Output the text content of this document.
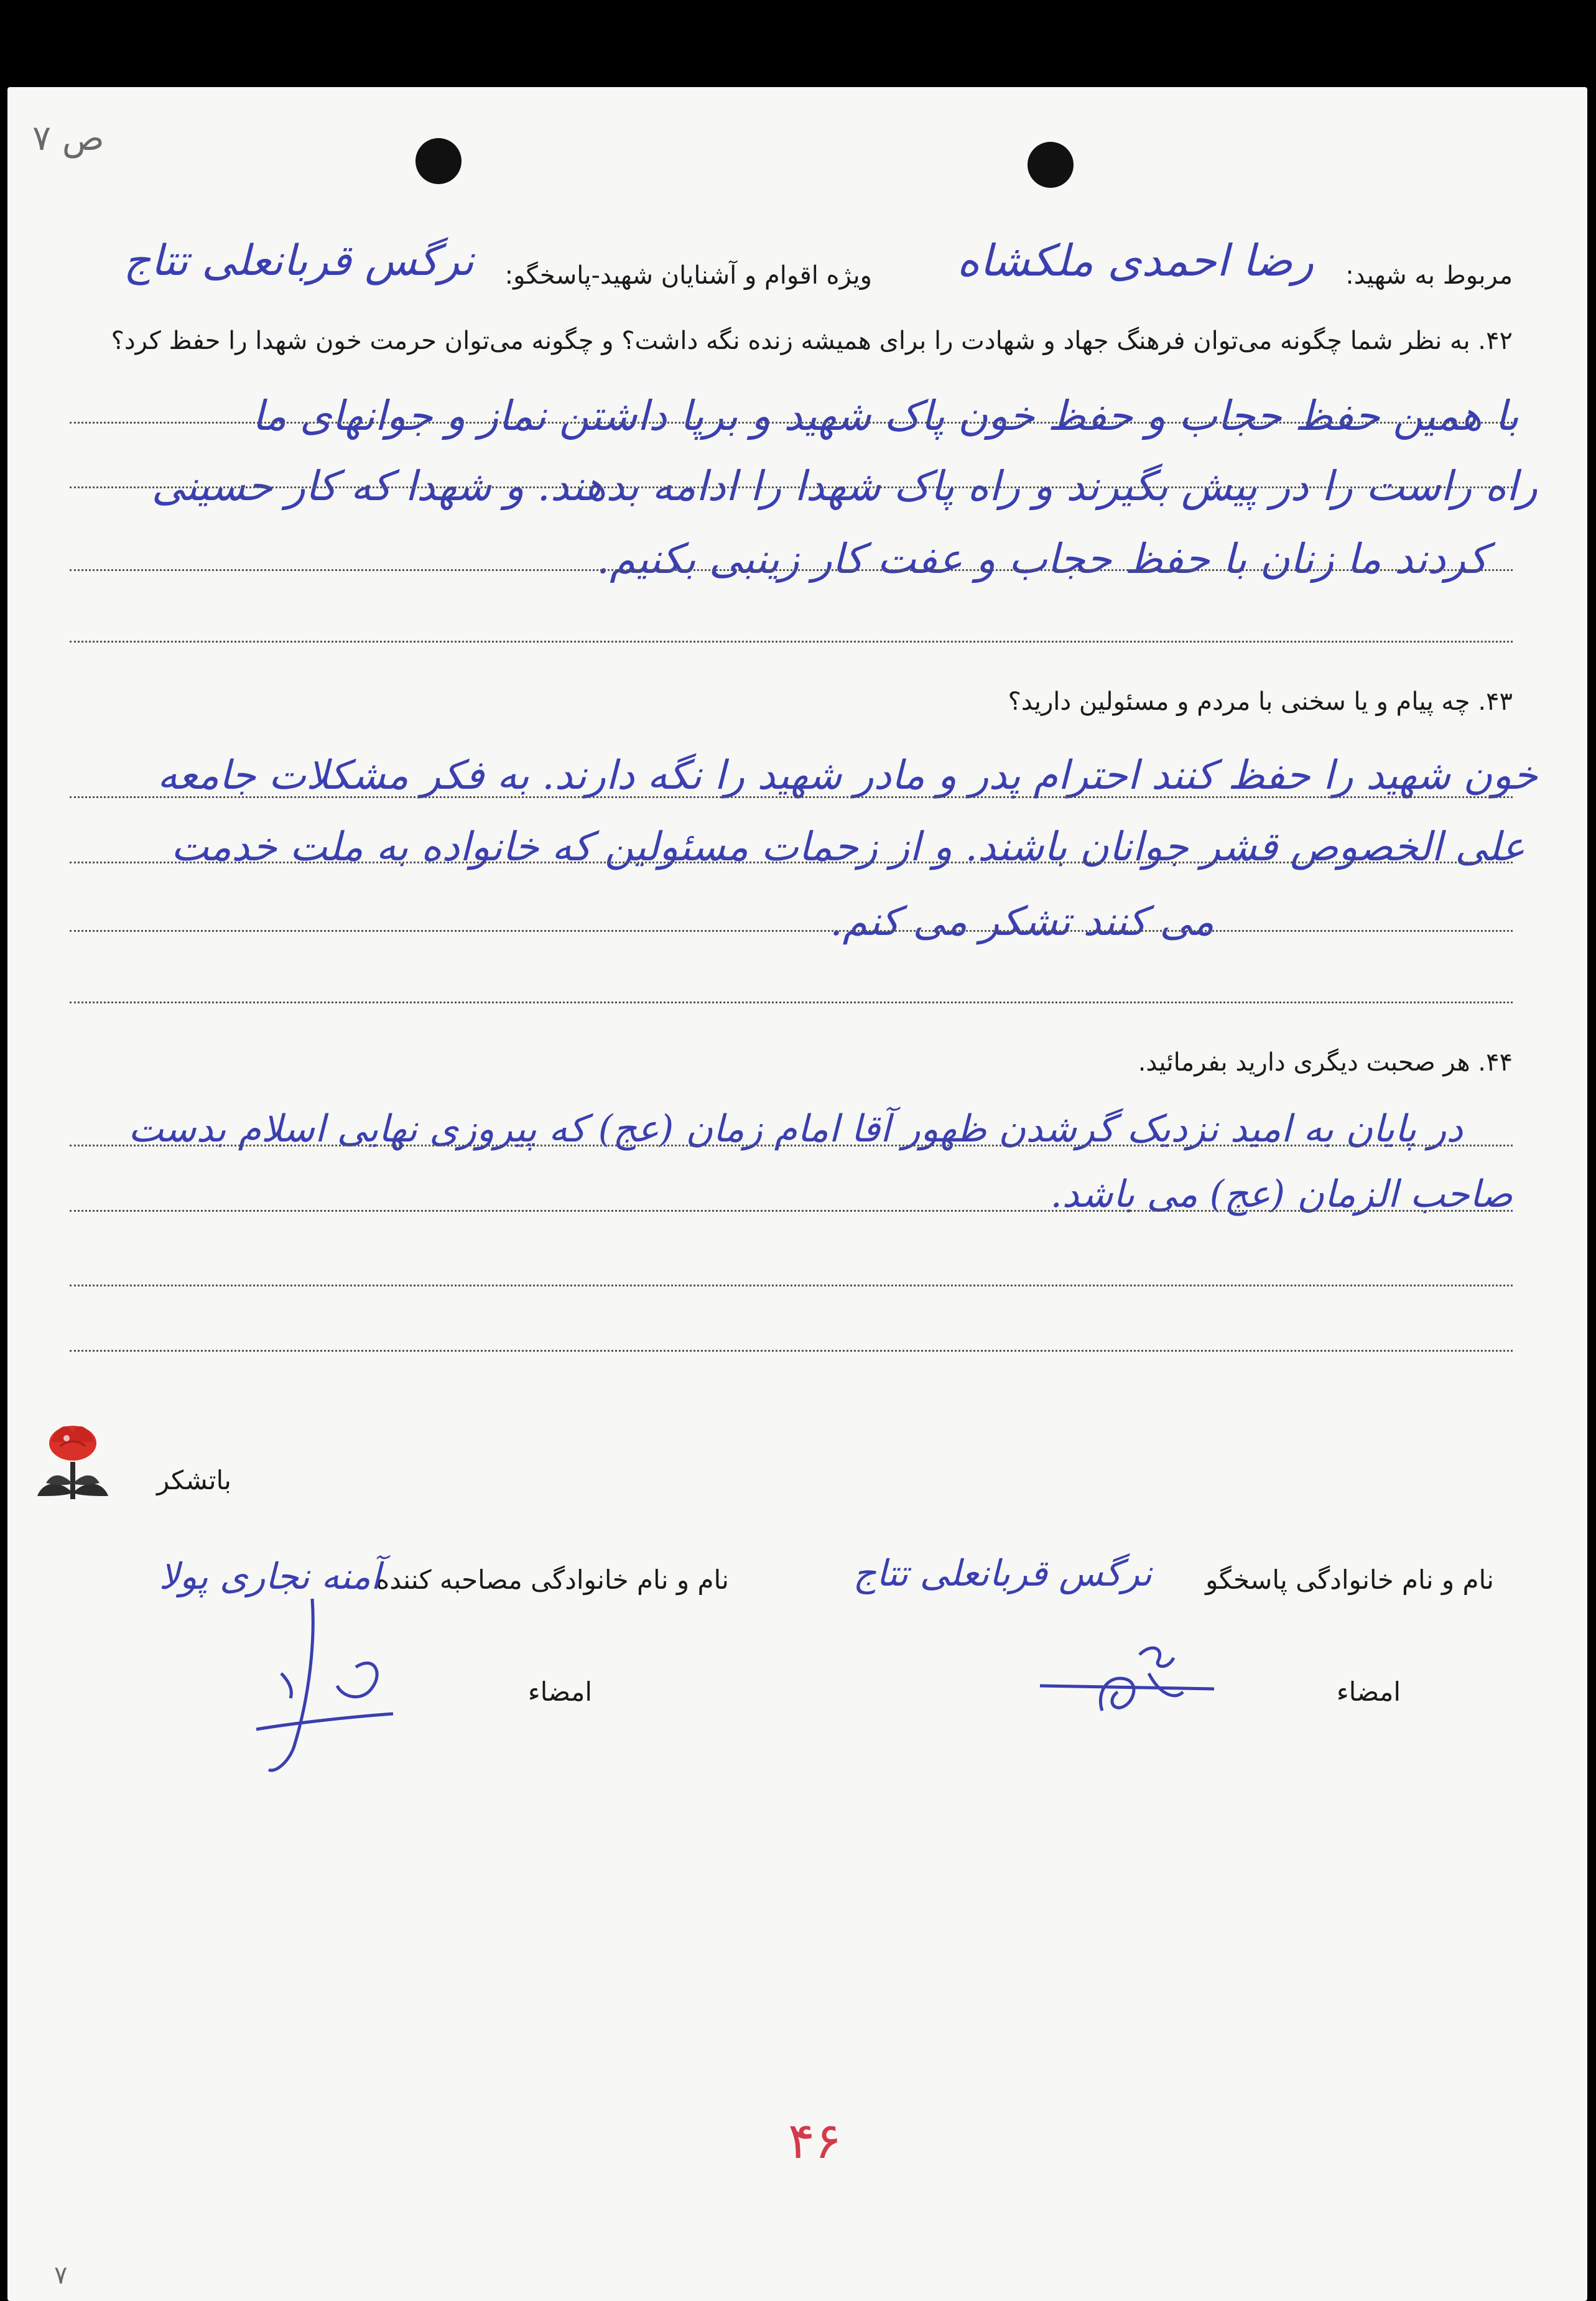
ص ۷
مربوط به شهید:
رضا احمدی ملکشاه
ویژه اقوام و آشنایان شهید-پاسخگو:
نرگس قربانعلی تتاج
۴۲. به نظر شما چگونه می‌توان فرهنگ جهاد و شهادت را برای همیشه زنده نگه داشت؟ و چگونه می‌توان حرمت خون شهدا را حفظ کرد؟
با همین حفظ حجاب و حفظ خون پاک شهید و برپا داشتن نماز و جوانهای ما
راه راست را در پیش بگیرند و راه پاک شهدا را ادامه بدهند. و شهدا که کار حسینی
کردند ما زنان با حفظ حجاب و عفت کار زینبی بکنیم.
۴۳. چه پیام و یا سخنی با مردم و مسئولین دارید؟
خون شهید را حفظ کنند احترام پدر و مادر شهید را نگه دارند. به فکر مشکلات جامعه
علی الخصوص قشر جوانان باشند. و از زحمات مسئولین که خانواده به ملت خدمت
می کنند تشکر می کنم.
۴۴. هر صحبت دیگری دارید بفرمائید.
در پایان به امید نزدیک گرشدن ظهور آقا امام زمان (عج) که پیروزی نهایی اسلام بدست
صاحب الزمان (عج) می باشد.
باتشکر
نام و نام خانوادگی پاسخگو
نرگس قربانعلی تتاج
نام و نام خانوادگی مصاحبه کننده
آمنه نجاری پولا
امضاء
امضاء
۴۶
۷
